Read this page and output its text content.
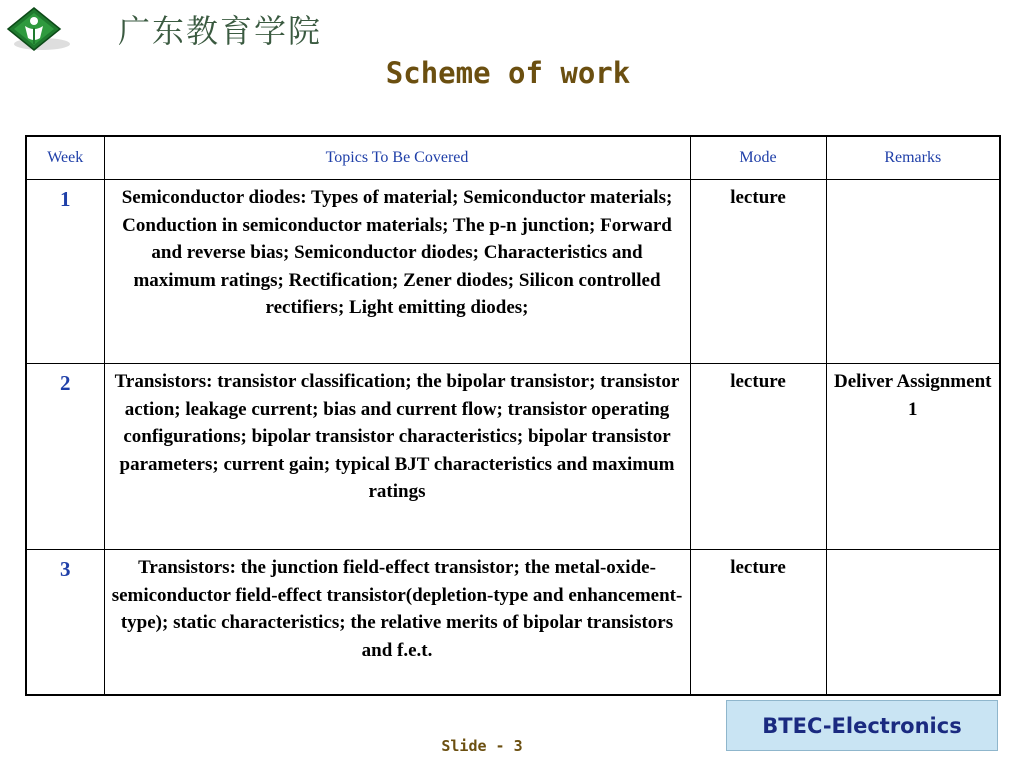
广东教育学院
Scheme of work
Week	Topics To Be Covered	Mode	Remarks
1	Semiconductor diodes: Types of material; Semiconductor materials; Conduction in semiconductor materials; The p-n junction; Forward and reverse bias; Semiconductor diodes; Characteristics and maximum ratings; Rectification; Zener diodes; Silicon controlled rectifiers; Light emitting diodes;	lecture	
2	Transistors: transistor classification; the bipolar transistor; transistor action; leakage current; bias and current flow; transistor operating configurations; bipolar transistor characteristics; bipolar transistor parameters; current gain; typical BJT characteristics and maximum ratings	lecture	Deliver Assignment 1
3	Transistors: the junction field-effect transistor; the metal-oxide-semiconductor field-effect transistor(depletion-type and enhancement-type); static characteristics; the relative merits of bipolar transistors and f.e.t.	lecture	
BTEC-Electronics
Slide - 3
